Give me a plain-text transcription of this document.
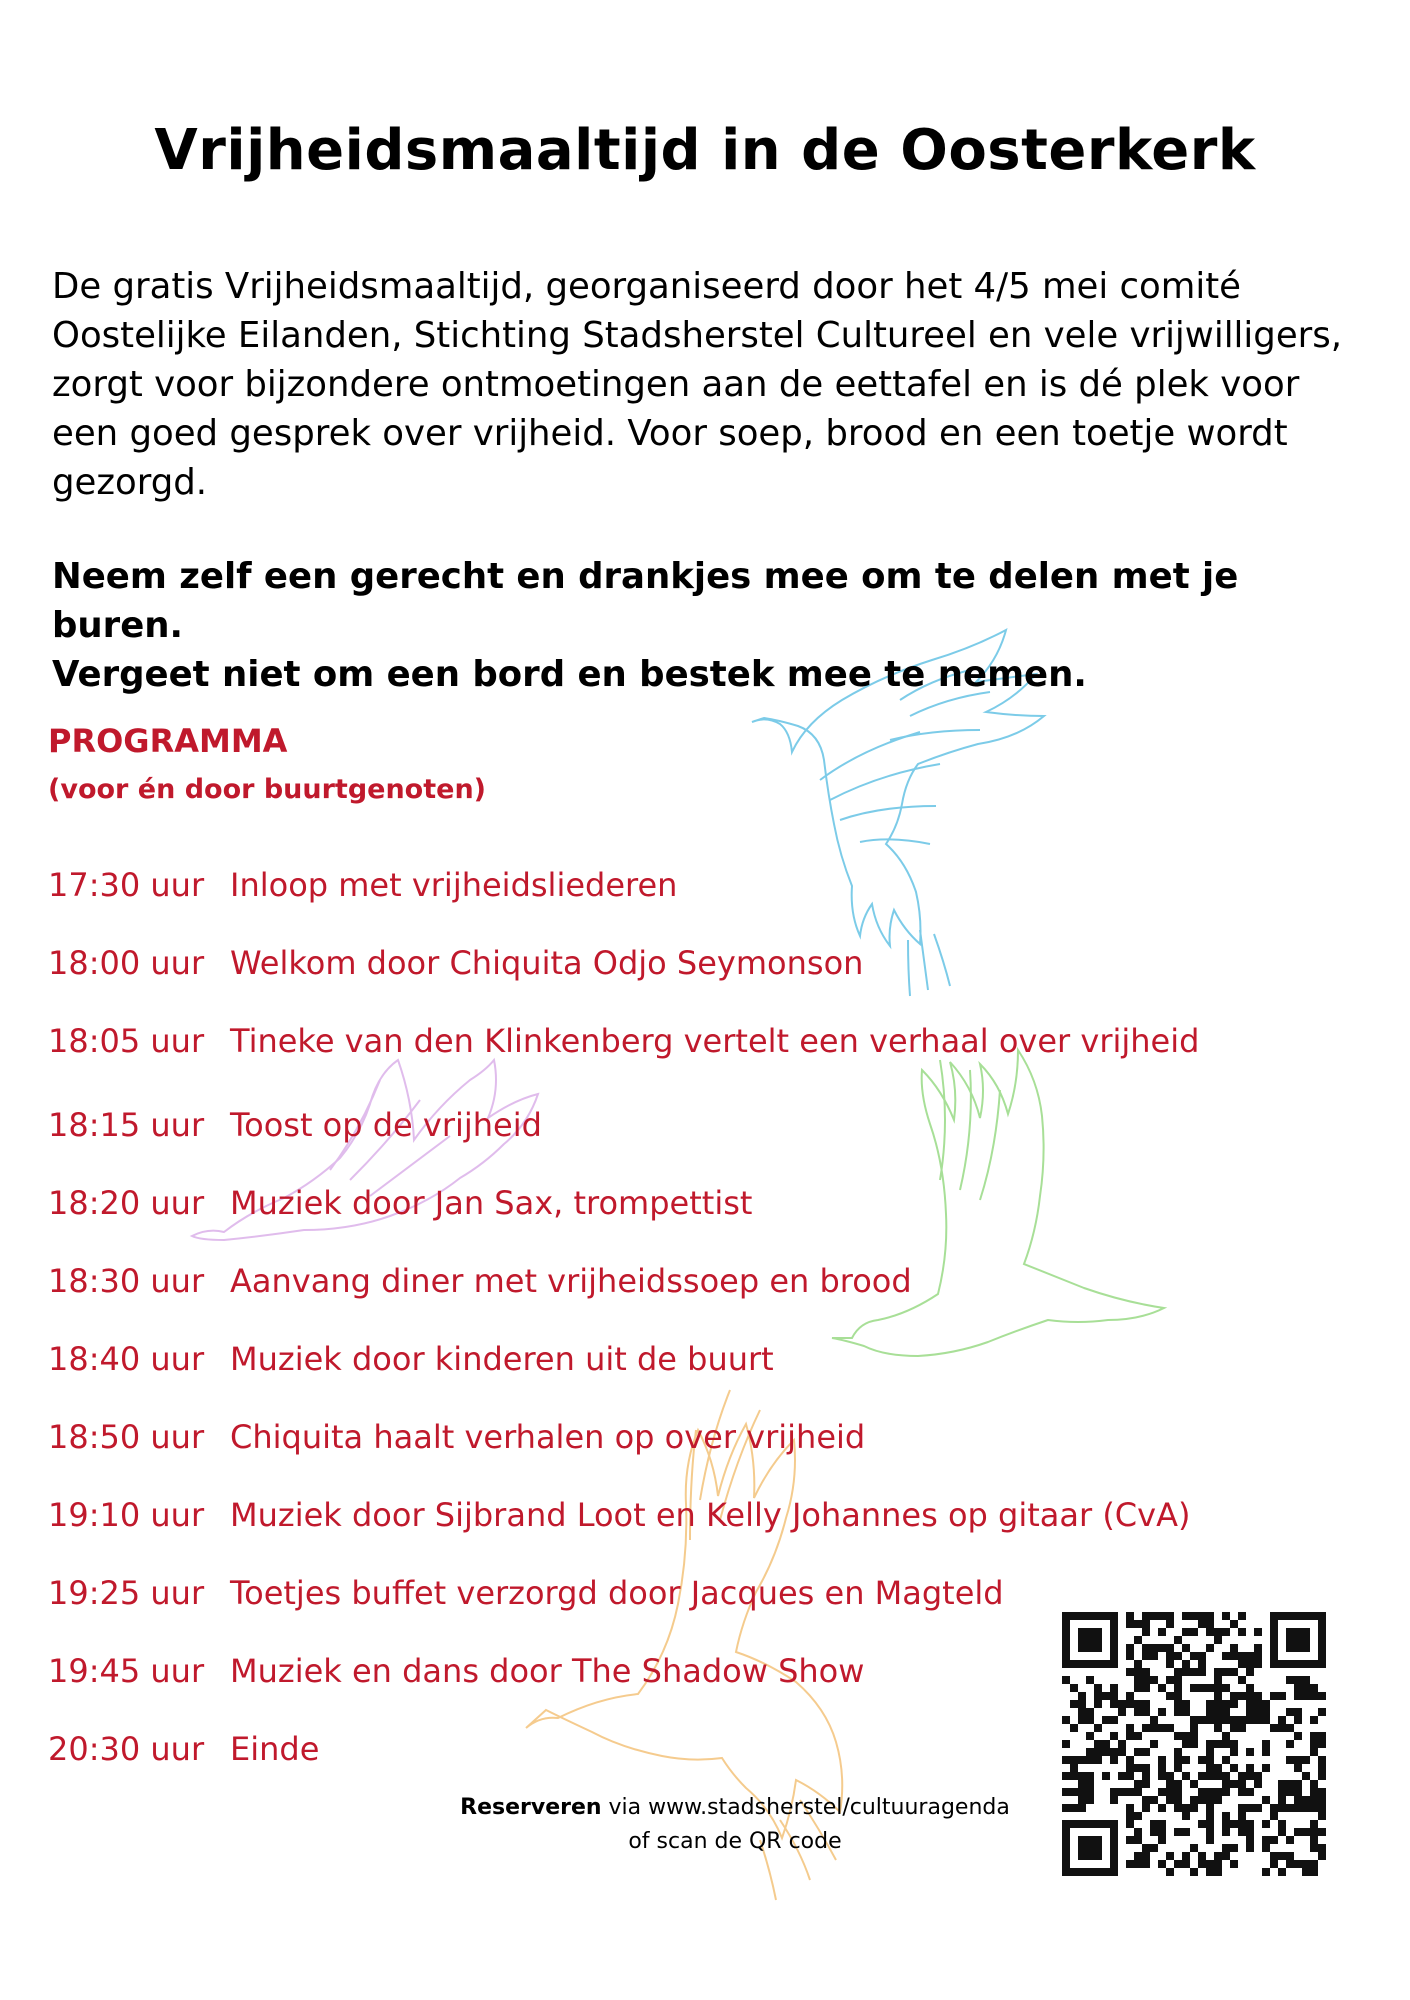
Vrijheidsmaaltijd in de Oosterkerk

De gratis Vrijheidsmaaltijd, georganiseerd door het 4/5 mei comité Oostelijke Eilanden, Stichting Stadsherstel Cultureel en vele vrijwilligers, zorgt voor bijzondere ontmoetingen aan de eettafel en is dé plek voor een goed gesprek over vrijheid. Voor soep, brood en een toetje wordt gezorgd.

Neem zelf een gerecht en drankjes mee om te delen met je buren.
Vergeet niet om een bord en bestek mee te nemen.
PROGRAMMA
(voor én door buurtgenoten)
17:30 uur Inloop met vrijheidsliederen
18:00 uur Welkom door Chiquita Odjo Seymonson
18:05 uur Tineke van den Klinkenberg vertelt een verhaal over vrijheid
18:15 uur Toost op de vrijheid
18:20 uur Muziek door Jan Sax, trompettist
18:30 uur Aanvang diner met vrijheidssoep en brood
18:40 uur Muziek door kinderen uit de buurt
18:50 uur Chiquita haalt verhalen op over vrijheid
19:10 uur Muziek door Sijbrand Loot en Kelly Johannes op gitaar (CvA)
19:25 uur Toetjes buffet verzorgd door Jacques en Magteld
19:45 uur Muziek en dans door The Shadow Show
20:30 uur Einde
Reserveren via www.stadsherstel/cultuuragenda
of scan de QR code
